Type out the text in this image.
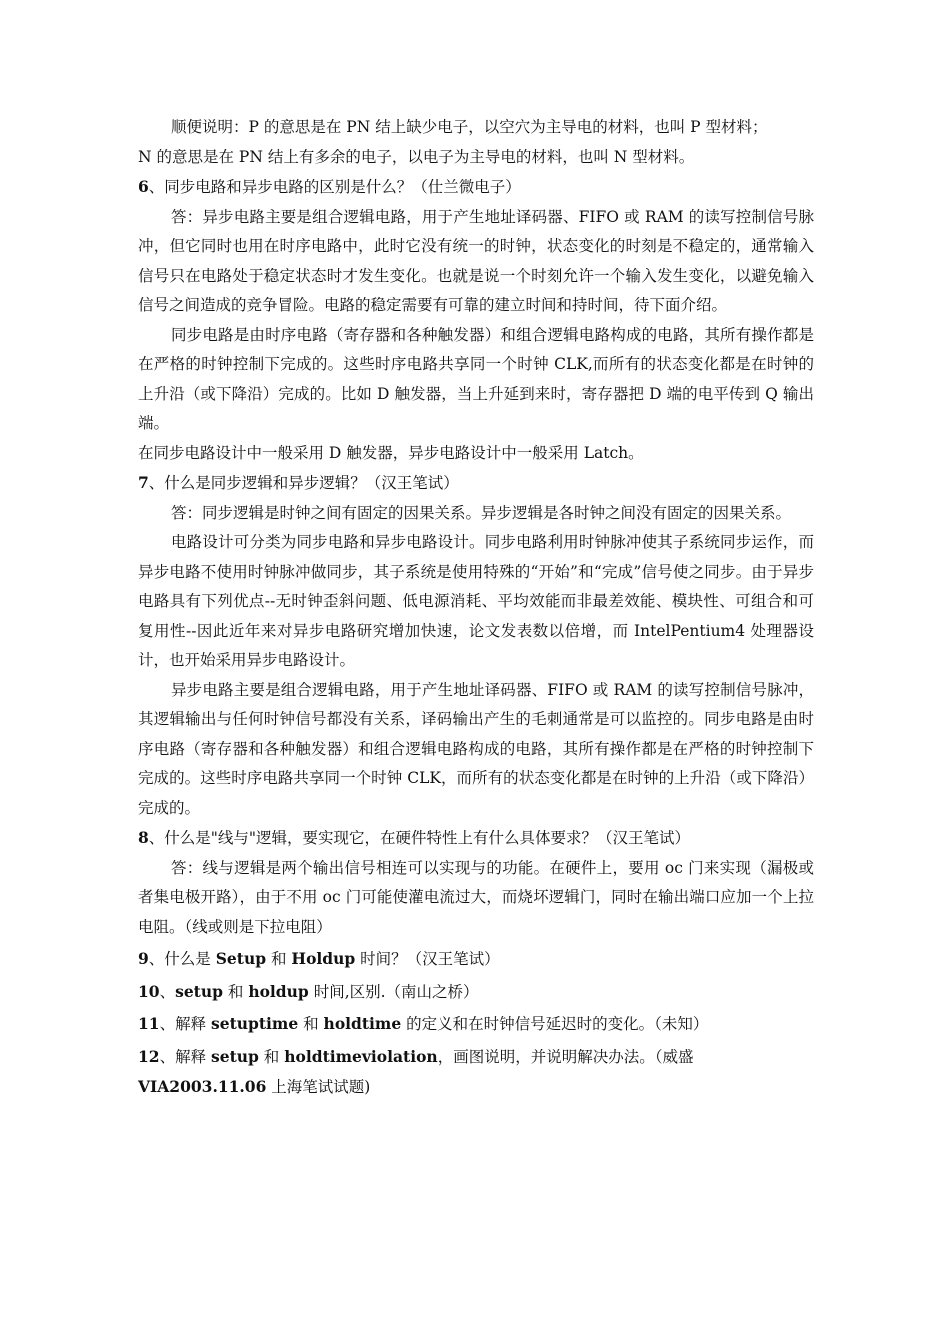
顺便说明：P 的意思是在 PN 结上缺少电子，以空穴为主导电的材料，也叫 P 型材料；

N 的意思是在 PN 结上有多余的电子，以电子为主导电的材料，也叫 N 型材料。

6、同步电路和异步电路的区别是什么？（仕兰微电子）

答：异步电路主要是组合逻辑电路，用于产生地址译码器、FIFO 或 RAM 的读写控制信号脉冲，但它同时也用在时序电路中，此时它没有统一的时钟，状态变化的时刻是不稳定的，通常输入信号只在电路处于稳定状态时才发生变化。也就是说一个时刻允许一个输入发生变化，以避免输入信号之间造成的竞争冒险。电路的稳定需要有可靠的建立时间和持时间，待下面介绍。

同步电路是由时序电路（寄存器和各种触发器）和组合逻辑电路构成的电路，其所有操作都是在严格的时钟控制下完成的。这些时序电路共享同一个时钟 CLK,而所有的状态变化都是在时钟的上升沿（或下降沿）完成的。比如 D 触发器，当上升延到来时，寄存器把 D 端的电平传到 Q 输出端。

在同步电路设计中一般采用 D 触发器，异步电路设计中一般采用 Latch。

7、什么是同步逻辑和异步逻辑？（汉王笔试）

答：同步逻辑是时钟之间有固定的因果关系。异步逻辑是各时钟之间没有固定的因果关系。

电路设计可分类为同步电路和异步电路设计。同步电路利用时钟脉冲使其子系统同步运作，而异步电路不使用时钟脉冲做同步，其子系统是使用特殊的“开始”和“完成”信号使之同步。由于异步电路具有下列优点--无时钟歪斜问题、低电源消耗、平均效能而非最差效能、模块性、可组合和可复用性--因此近年来对异步电路研究增加快速，论文发表数以倍增，而 IntelPentium4 处理器设计，也开始采用异步电路设计。

异步电路主要是组合逻辑电路，用于产生地址译码器、FIFO 或 RAM 的读写控制信号脉冲，其逻辑输出与任何时钟信号都没有关系，译码输出产生的毛刺通常是可以监控的。同步电路是由时序电路（寄存器和各种触发器）和组合逻辑电路构成的电路，其所有操作都是在严格的时钟控制下完成的。这些时序电路共享同一个时钟 CLK，而所有的状态变化都是在时钟的上升沿（或下降沿）完成的。

8、什么是"线与"逻辑，要实现它，在硬件特性上有什么具体要求？（汉王笔试）

答：线与逻辑是两个输出信号相连可以实现与的功能。在硬件上，要用 oc 门来实现（漏极或者集电极开路），由于不用 oc 门可能使灌电流过大，而烧坏逻辑门，同时在输出端口应加一个上拉电阻。（线或则是下拉电阻）

9、什么是 Setup 和 Holdup 时间？（汉王笔试）

10、setup 和 holdup 时间,区别.（南山之桥）

11、解释 setuptime 和 holdtime 的定义和在时钟信号延迟时的变化。（未知）

12、解释 setup 和 holdtimeviolation，画图说明，并说明解决办法。（威盛 VIA2003.11.06 上海笔试试题)
